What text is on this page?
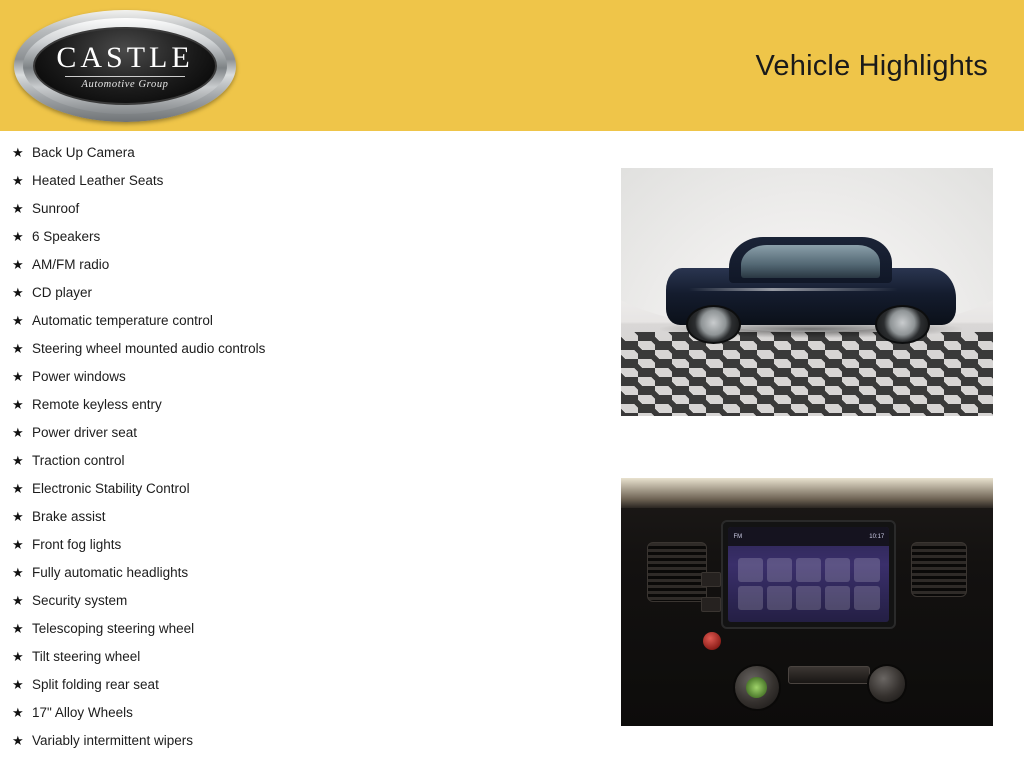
CASTLE
Automotive Group
Vehicle Highlights
★ Back Up Camera
★ Heated Leather Seats
★ Sunroof
★ 6 Speakers
★ AM/FM radio
★ CD player
★ Automatic temperature control
★ Steering wheel mounted audio controls
★ Power windows
★ Remote keyless entry
★ Power driver seat
★ Traction control
★ Electronic Stability Control
★ Brake assist
★ Front fog lights
★ Fully automatic headlights
★ Security system
★ Telescoping steering wheel
★ Tilt steering wheel
★ Split folding rear seat
★ 17" Alloy Wheels
★ Variably intermittent wipers
FM	10:17
